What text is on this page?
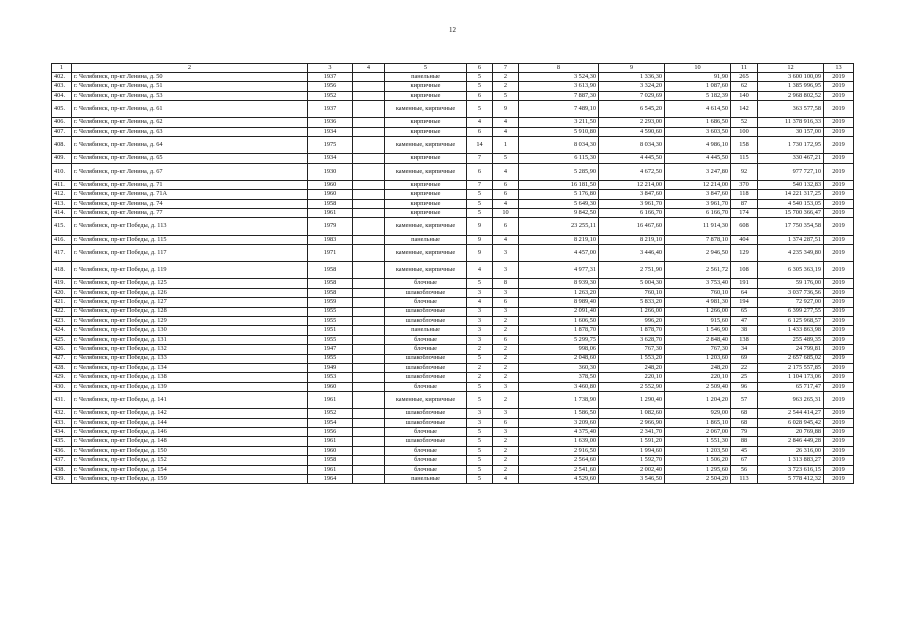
12
1	2	3	4	5	6	7	8	9	10	11	12	13
402.	г. Челябинск, пр-кт Ленина, д. 50	1937		панельные	5	2	3 524,30	1 336,30	91,90	265	3 600 100,09	2019
403.	г. Челябинск, пр-кт Ленина, д. 51	1956		кирпичные	5	2	3 613,90	3 324,20	1 087,60	62	1 385 996,95	2019
404.	г. Челябинск, пр-кт Ленина, д. 53	1952		кирпичные	6	5	7 887,30	7 029,69	5 182,39	140	2 968 802,52	2019
405.	г. Челябинск, пр-кт Ленина, д. 61	1937		каменные, кирпичные	5	9	7 489,10	6 545,20	4 614,50	142	363 577,58	2019
406.	г. Челябинск, пр-кт Ленина, д. 62	1936		кирпичные	4	4	3 211,50	2 293,00	1 686,50	52	11 378 916,33	2019
407.	г. Челябинск, пр-кт Ленина, д. 63	1934		кирпичные	6	4	5 910,80	4 590,60	3 603,50	100	30 157,00	2019
408.	г. Челябинск, пр-кт Ленина, д. 64	1975		каменные, кирпичные	14	1	8 034,30	8 034,30	4 986,10	158	1 730 172,95	2019
409.	г. Челябинск, пр-кт Ленина, д. 65	1934		кирпичные	7	5	6 115,30	4 445,50	4 445,50	115	330 467,21	2019
410.	г. Челябинск, пр-кт Ленина, д. 67	1930		каменные, кирпичные	6	4	5 285,90	4 672,50	3 247,80	92	977 727,10	2019
411.	г. Челябинск, пр-кт Ленина, д. 71	1960		кирпичные	7	6	16 181,50	12 214,00	12 214,00	370	540 132,83	2019
412.	г. Челябинск, пр-кт Ленина, д. 71А	1960		кирпичные	5	6	5 176,80	3 847,60	3 847,60	118	14 221 317,25	2019
413.	г. Челябинск, пр-кт Ленина, д. 74	1958		кирпичные	5	4	5 649,30	3 961,70	3 961,70	87	4 540 153,05	2019
414.	г. Челябинск, пр-кт Ленина, д. 77	1961		кирпичные	5	10	9 842,50	6 166,70	6 166,70	174	15 700 366,47	2019
415.	г. Челябинск, пр-кт Победы, д. 113	1979		каменные, кирпичные	9	6	23 255,11	16 467,60	11 914,30	608	17 750 354,58	2019
416.	г. Челябинск, пр-кт Победы, д. 115	1983		панельные	9	4	8 219,10	8 219,10	7 878,10	404	1 374 287,51	2019
417.	г. Челябинск, пр-кт Победы, д. 117	1971		каменные, кирпичные	9	3	4 457,00	3 446,40	2 946,50	129	4 235 349,80	2019
418.	г. Челябинск, пр-кт Победы, д. 119	1958		каменные, кирпичные	4	3	4 977,31	2 751,90	2 561,72	108	6 305 363,19	2019
419.	г. Челябинск, пр-кт Победы, д. 125	1958		блочные	5	8	8 939,30	5 004,30	3 753,40	191	59 176,00	2019
420.	г. Челябинск, пр-кт Победы, д. 126	1958		шлакоблочные	3	3	1 263,20	760,10	760,10	64	3 037 736,56	2019
421.	г. Челябинск, пр-кт Победы, д. 127	1959		блочные	4	6	8 989,40	5 833,20	4 981,30	194	72 927,00	2019
422.	г. Челябинск, пр-кт Победы, д. 128	1955		шлакоблочные	3	3	2 091,40	1 266,00	1 266,00	65	6 399 277,55	2019
423.	г. Челябинск, пр-кт Победы, д. 129	1955		шлакоблочные	3	2	1 606,50	996,20	915,60	47	6 125 968,57	2019
424.	г. Челябинск, пр-кт Победы, д. 130	1951		панельные	3	2	1 878,70	1 878,70	1 546,90	38	1 433 863,98	2019
425.	г. Челябинск, пр-кт Победы, д. 131	1955		блочные	3	6	5 299,75	3 628,70	2 848,40	138	255 489,35	2019
426.	г. Челябинск, пр-кт Победы, д. 132	1947		блочные	2	2	998,06	767,30	767,30	34	24 799,81	2019
427.	г. Челябинск, пр-кт Победы, д. 133	1955		шлакоблочные	5	2	2 048,60	1 553,20	1 203,60	69	2 657 685,02	2019
428.	г. Челябинск, пр-кт Победы, д. 134	1949		шлакоблочные	2	2	360,30	248,20	248,20	22	2 175 557,85	2019
429.	г. Челябинск, пр-кт Победы, д. 138	1953		шлакоблочные	2	2	378,50	220,10	220,10	25	1 104 173,06	2019
430.	г. Челябинск, пр-кт Победы, д. 139	1960		блочные	5	3	3 460,80	2 552,90	2 509,40	96	65 717,47	2019
431.	г. Челябинск, пр-кт Победы, д. 141	1961		каменные, кирпичные	5	2	1 738,90	1 290,40	1 204,20	57	963 265,31	2019
432.	г. Челябинск, пр-кт Победы, д. 142	1952		шлакоблочные	3	3	1 586,50	1 082,60	929,00	68	2 544 414,27	2019
433.	г. Челябинск, пр-кт Победы, д. 144	1954		шлакоблочные	3	6	3 209,60	2 966,90	1 865,10	68	6 028 945,42	2019
434.	г. Челябинск, пр-кт Победы, д. 146	1956		блочные	5	3	4 375,40	2 341,70	2 067,00	79	20 769,88	2019
435.	г. Челябинск, пр-кт Победы, д. 148	1961		шлакоблочные	5	2	1 639,00	1 591,20	1 551,30	88	2 846 449,28	2019
436.	г. Челябинск, пр-кт Победы, д. 150	1960		блочные	5	2	2 916,50	1 994,60	1 203,50	45	26 316,00	2019
437.	г. Челябинск, пр-кт Победы, д. 152	1958		блочные	5	2	2 564,60	1 592,70	1 506,20	67	1 313 883,27	2019
438.	г. Челябинск, пр-кт Победы, д. 154	1961		блочные	5	2	2 541,60	2 002,40	1 295,60	56	3 723 616,15	2019
439.	г. Челябинск, пр-кт Победы, д. 159	1964		панельные	5	4	4 529,60	3 546,50	2 504,20	113	5 778 412,32	2019
